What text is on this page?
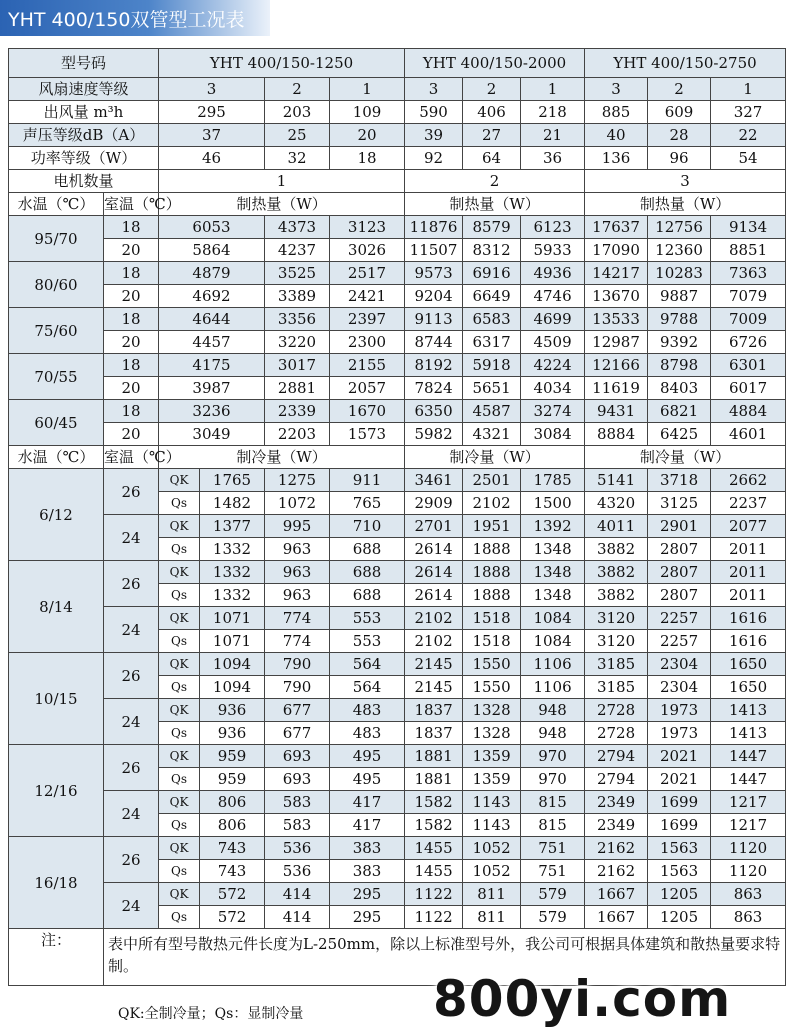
YHT 400/150双管型工况表
型号码		YHT 400/150-1250				YHT 400/150-2000			YHT 400/150-2750		
风扇速度等级		3		2	1	3	2	1	3	2	1
出风量 m³h		295		203	109	590	406	218	885	609	327
声压等级dB（A）		37		25	20	39	27	21	40	28	22
功率等级（W）		46		32	18	92	64	36	136	96	54
电机数量		1				2			3		
水温（℃）	室温（℃）	制热量（W）				制热量（W）			制热量（W）		
95/70	18	6053		4373	3123	11876	8579	6123	17637	12756	9134
	20	5864		4237	3026	11507	8312	5933	17090	12360	8851
80/60	18	4879		3525	2517	9573	6916	4936	14217	10283	7363
	20	4692		3389	2421	9204	6649	4746	13670	9887	7079
75/60	18	4644		3356	2397	9113	6583	4699	13533	9788	7009
	20	4457		3220	2300	8744	6317	4509	12987	9392	6726
70/55	18	4175		3017	2155	8192	5918	4224	12166	8798	6301
	20	3987		2881	2057	7824	5651	4034	11619	8403	6017
60/45	18	3236		2339	1670	6350	4587	3274	9431	6821	4884
	20	3049		2203	1573	5982	4321	3084	8884	6425	4601
水温（℃）	室温（℃）	制冷量（W）				制冷量（W）			制冷量（W）		
6/12	26	QK	1765	1275	911	3461	2501	1785	5141	3718	2662
		Qs	1482	1072	765	2909	2102	1500	4320	3125	2237
	24	QK	1377	995	710	2701	1951	1392	4011	2901	2077
		Qs	1332	963	688	2614	1888	1348	3882	2807	2011
8/14	26	QK	1332	963	688	2614	1888	1348	3882	2807	2011
		Qs	1332	963	688	2614	1888	1348	3882	2807	2011
	24	QK	1071	774	553	2102	1518	1084	3120	2257	1616
		Qs	1071	774	553	2102	1518	1084	3120	2257	1616
10/15	26	QK	1094	790	564	2145	1550	1106	3185	2304	1650
		Qs	1094	790	564	2145	1550	1106	3185	2304	1650
	24	QK	936	677	483	1837	1328	948	2728	1973	1413
		Qs	936	677	483	1837	1328	948	2728	1973	1413
12/16	26	QK	959	693	495	1881	1359	970	2794	2021	1447
		Qs	959	693	495	1881	1359	970	2794	2021	1447
	24	QK	806	583	417	1582	1143	815	2349	1699	1217
		Qs	806	583	417	1582	1143	815	2349	1699	1217
16/18	26	QK	743	536	383	1455	1052	751	2162	1563	1120
		Qs	743	536	383	1455	1052	751	2162	1563	1120
	24	QK	572	414	295	1122	811	579	1667	1205	863
		Qs	572	414	295	1122	811	579	1667	1205	863
注：	表中所有型号散热元件长度为L-250mm，除以上标准型号外，我公司可根据具体建筑和散热量要求特制。										
QK:全制冷量；Qs：显制冷量	800yi.com
